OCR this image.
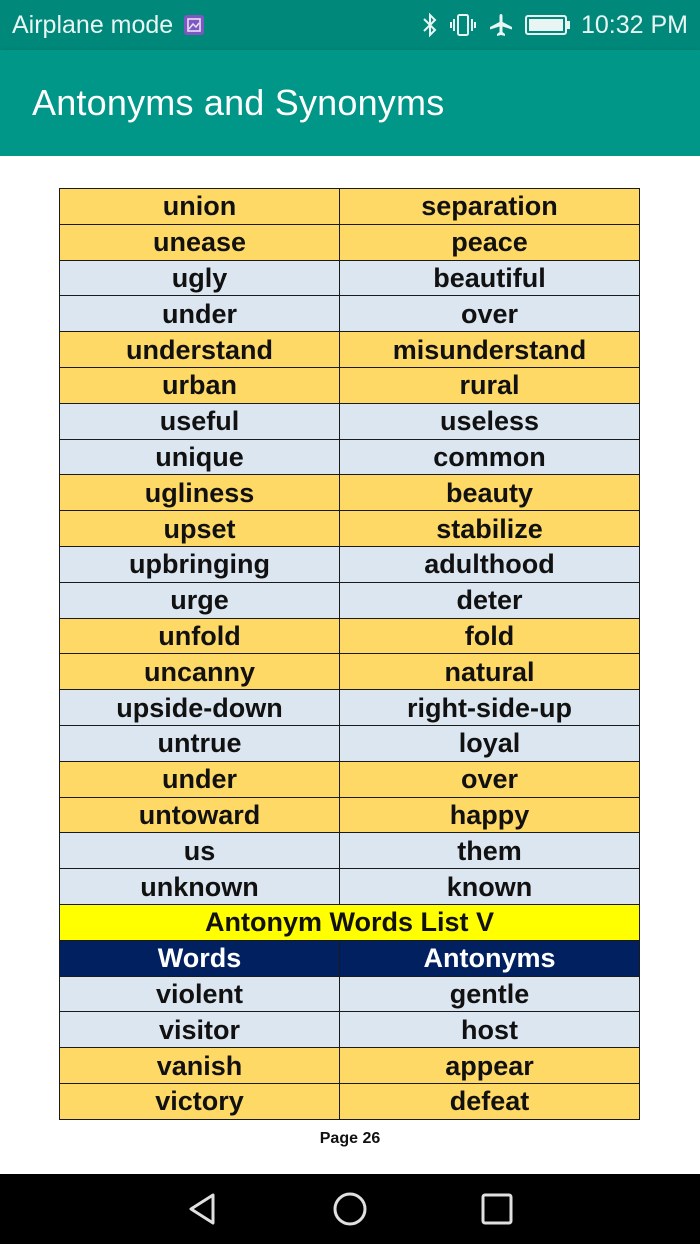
Airplane mode	10:32 PM
Antonyms and Synonyms
union	separation
unease	peace
ugly	beautiful
under	over
understand	misunderstand
urban	rural
useful	useless
unique	common
ugliness	beauty
upset	stabilize
upbringing	adulthood
urge	deter
unfold	fold
uncanny	natural
upside-down	right-side-up
untrue	loyal
under	over
untoward	happy
us	them
unknown	known
Antonym Words List V	
Words	Antonyms
violent	gentle
visitor	host
vanish	appear
victory	defeat
Page 26
